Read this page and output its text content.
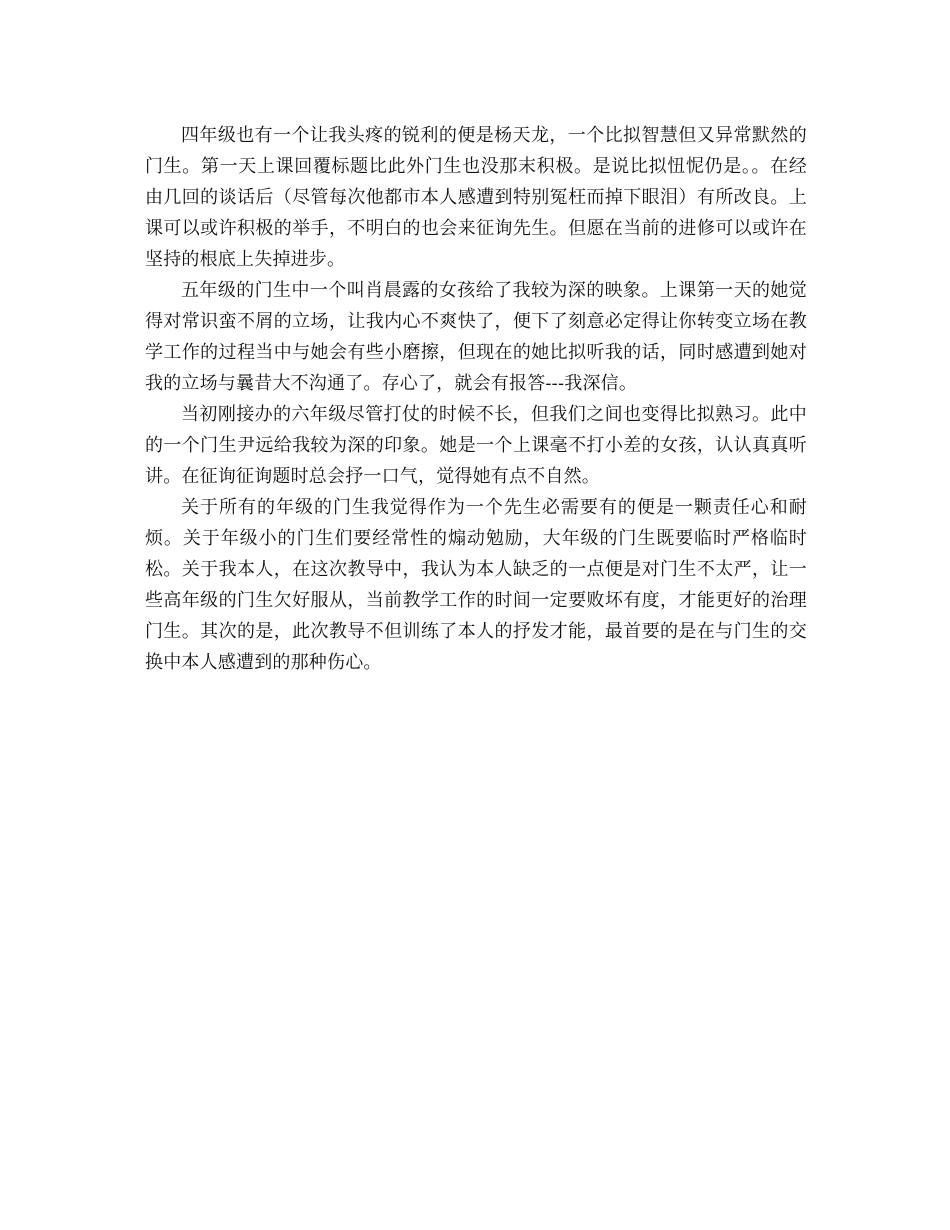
四年级也有一个让我头疼的锐利的便是杨天龙，一个比拟智慧但又异常默然的门生。第一天上课回覆标题比此外门生也没那末积极。是说比拟忸怩仍是。。在经由几回的谈话后（尽管每次他都市本人感遭到特别冤枉而掉下眼泪）有所改良。上课可以或许积极的举手，不明白的也会来征询先生。但愿在当前的进修可以或许在坚持的根底上失掉进步。

五年级的门生中一个叫肖晨露的女孩给了我较为深的映象。上课第一天的她觉得对常识蛮不屑的立场，让我内心不爽快了，便下了刻意必定得让你转变立场在教学工作的过程当中与她会有些小磨擦，但现在的她比拟听我的话，同时感遭到她对我的立场与曩昔大不沟通了。存心了，就会有报答---我深信。

当初刚接办的六年级尽管打仗的时候不长，但我们之间也变得比拟熟习。此中的一个门生尹远给我较为深的印象。她是一个上课毫不打小差的女孩，认认真真听讲。在征询征询题时总会抒一口气，觉得她有点不自然。

关于所有的年级的门生我觉得作为一个先生必需要有的便是一颗责任心和耐烦。关于年级小的门生们要经常性的煽动勉励，大年级的门生既要临时严格临时松。关于我本人，在这次教导中，我认为本人缺乏的一点便是对门生不太严，让一些高年级的门生欠好服从，当前教学工作的时间一定要败坏有度，才能更好的治理门生。其次的是，此次教导不但训练了本人的抒发才能，最首要的是在与门生的交换中本人感遭到的那种伤心。
